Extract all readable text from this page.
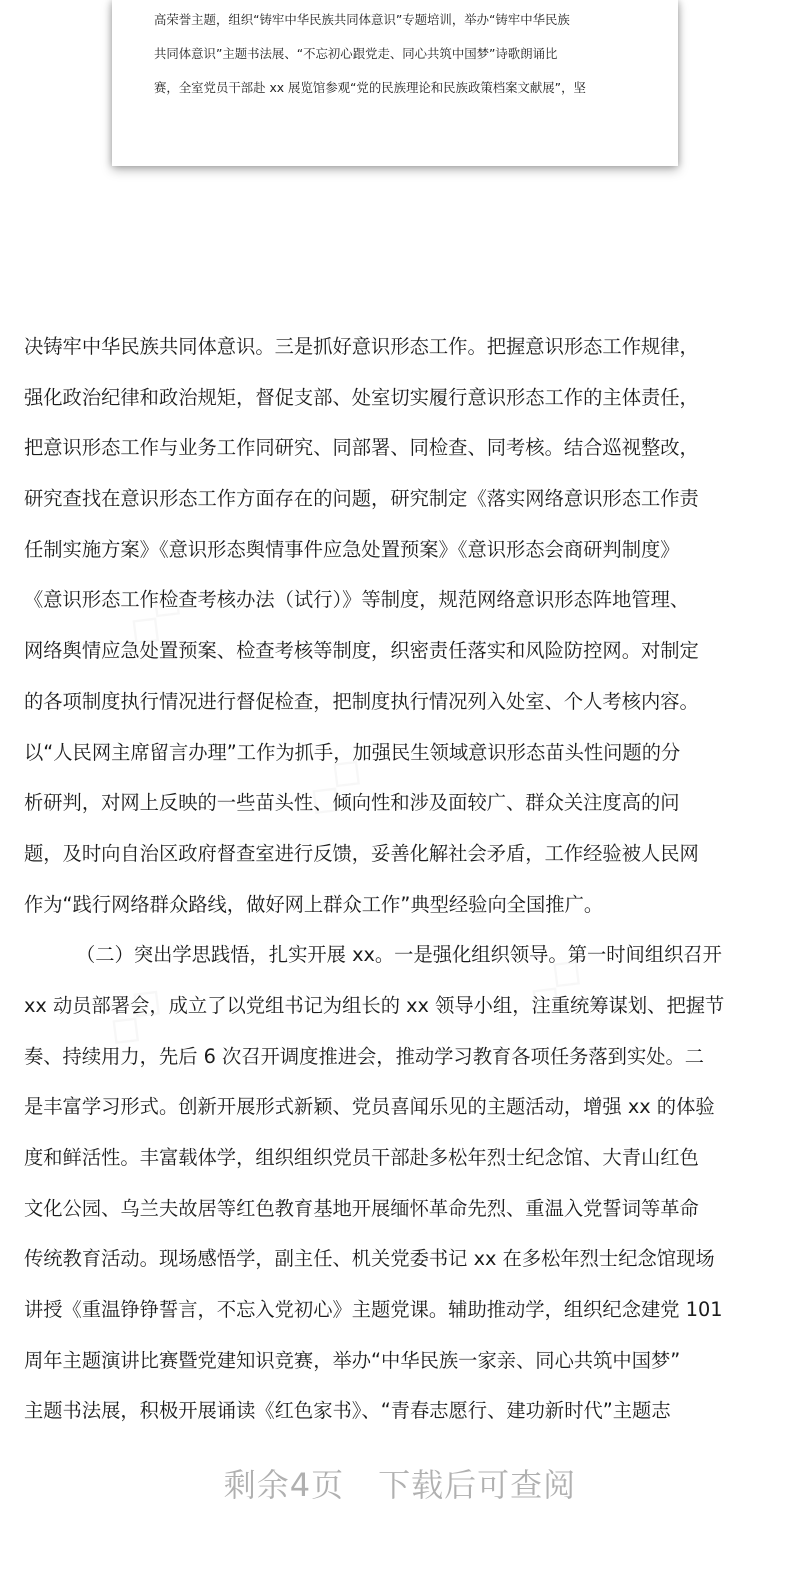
高荣誉主题，组织“铸牢中华民族共同体意识”专题培训，举办“铸牢中华民族
共同体意识”主题书法展、“不忘初心跟党走、同心共筑中国梦”诗歌朗诵比
赛，全室党员干部赴 xx 展览馆参观“党的民族理论和民族政策档案文献展”，坚
◇◇
◇◇
◇◇
◇◇
决铸牢中华民族共同体意识。三是抓好意识形态工作。把握意识形态工作规律，
强化政治纪律和政治规矩，督促支部、处室切实履行意识形态工作的主体责任，
把意识形态工作与业务工作同研究、同部署、同检查、同考核。结合巡视整改，
研究查找在意识形态工作方面存在的问题，研究制定《落实网络意识形态工作责
任制实施方案》《意识形态舆情事件应急处置预案》《意识形态会商研判制度》
《意识形态工作检查考核办法（试行）》等制度，规范网络意识形态阵地管理、
网络舆情应急处置预案、检查考核等制度，织密责任落实和风险防控网。对制定
的各项制度执行情况进行督促检查，把制度执行情况列入处室、个人考核内容。
以“人民网主席留言办理”工作为抓手，加强民生领域意识形态苗头性问题的分
析研判，对网上反映的一些苗头性、倾向性和涉及面较广、群众关注度高的问
题，及时向自治区政府督查室进行反馈，妥善化解社会矛盾，工作经验被人民网
作为“践行网络群众路线，做好网上群众工作”典型经验向全国推广。
（二）突出学思践悟，扎实开展 xx。一是强化组织领导。第一时间组织召开
xx 动员部署会，成立了以党组书记为组长的 xx 领导小组，注重统筹谋划、把握节
奏、持续用力，先后 6 次召开调度推进会，推动学习教育各项任务落到实处。二
是丰富学习形式。创新开展形式新颖、党员喜闻乐见的主题活动，增强 xx 的体验
度和鲜活性。丰富载体学，组织组织党员干部赴多松年烈士纪念馆、大青山红色
文化公园、乌兰夫故居等红色教育基地开展缅怀革命先烈、重温入党誓词等革命
传统教育活动。现场感悟学，副主任、机关党委书记 xx 在多松年烈士纪念馆现场
讲授《重温铮铮誓言，不忘入党初心》主题党课。辅助推动学，组织纪念建党 101
周年主题演讲比赛暨党建知识竞赛，举办“中华民族一家亲、同心共筑中国梦”
主题书法展，积极开展诵读《红色家书》、“青春志愿行、建功新时代”主题志
剩余4页 下载后可查阅
